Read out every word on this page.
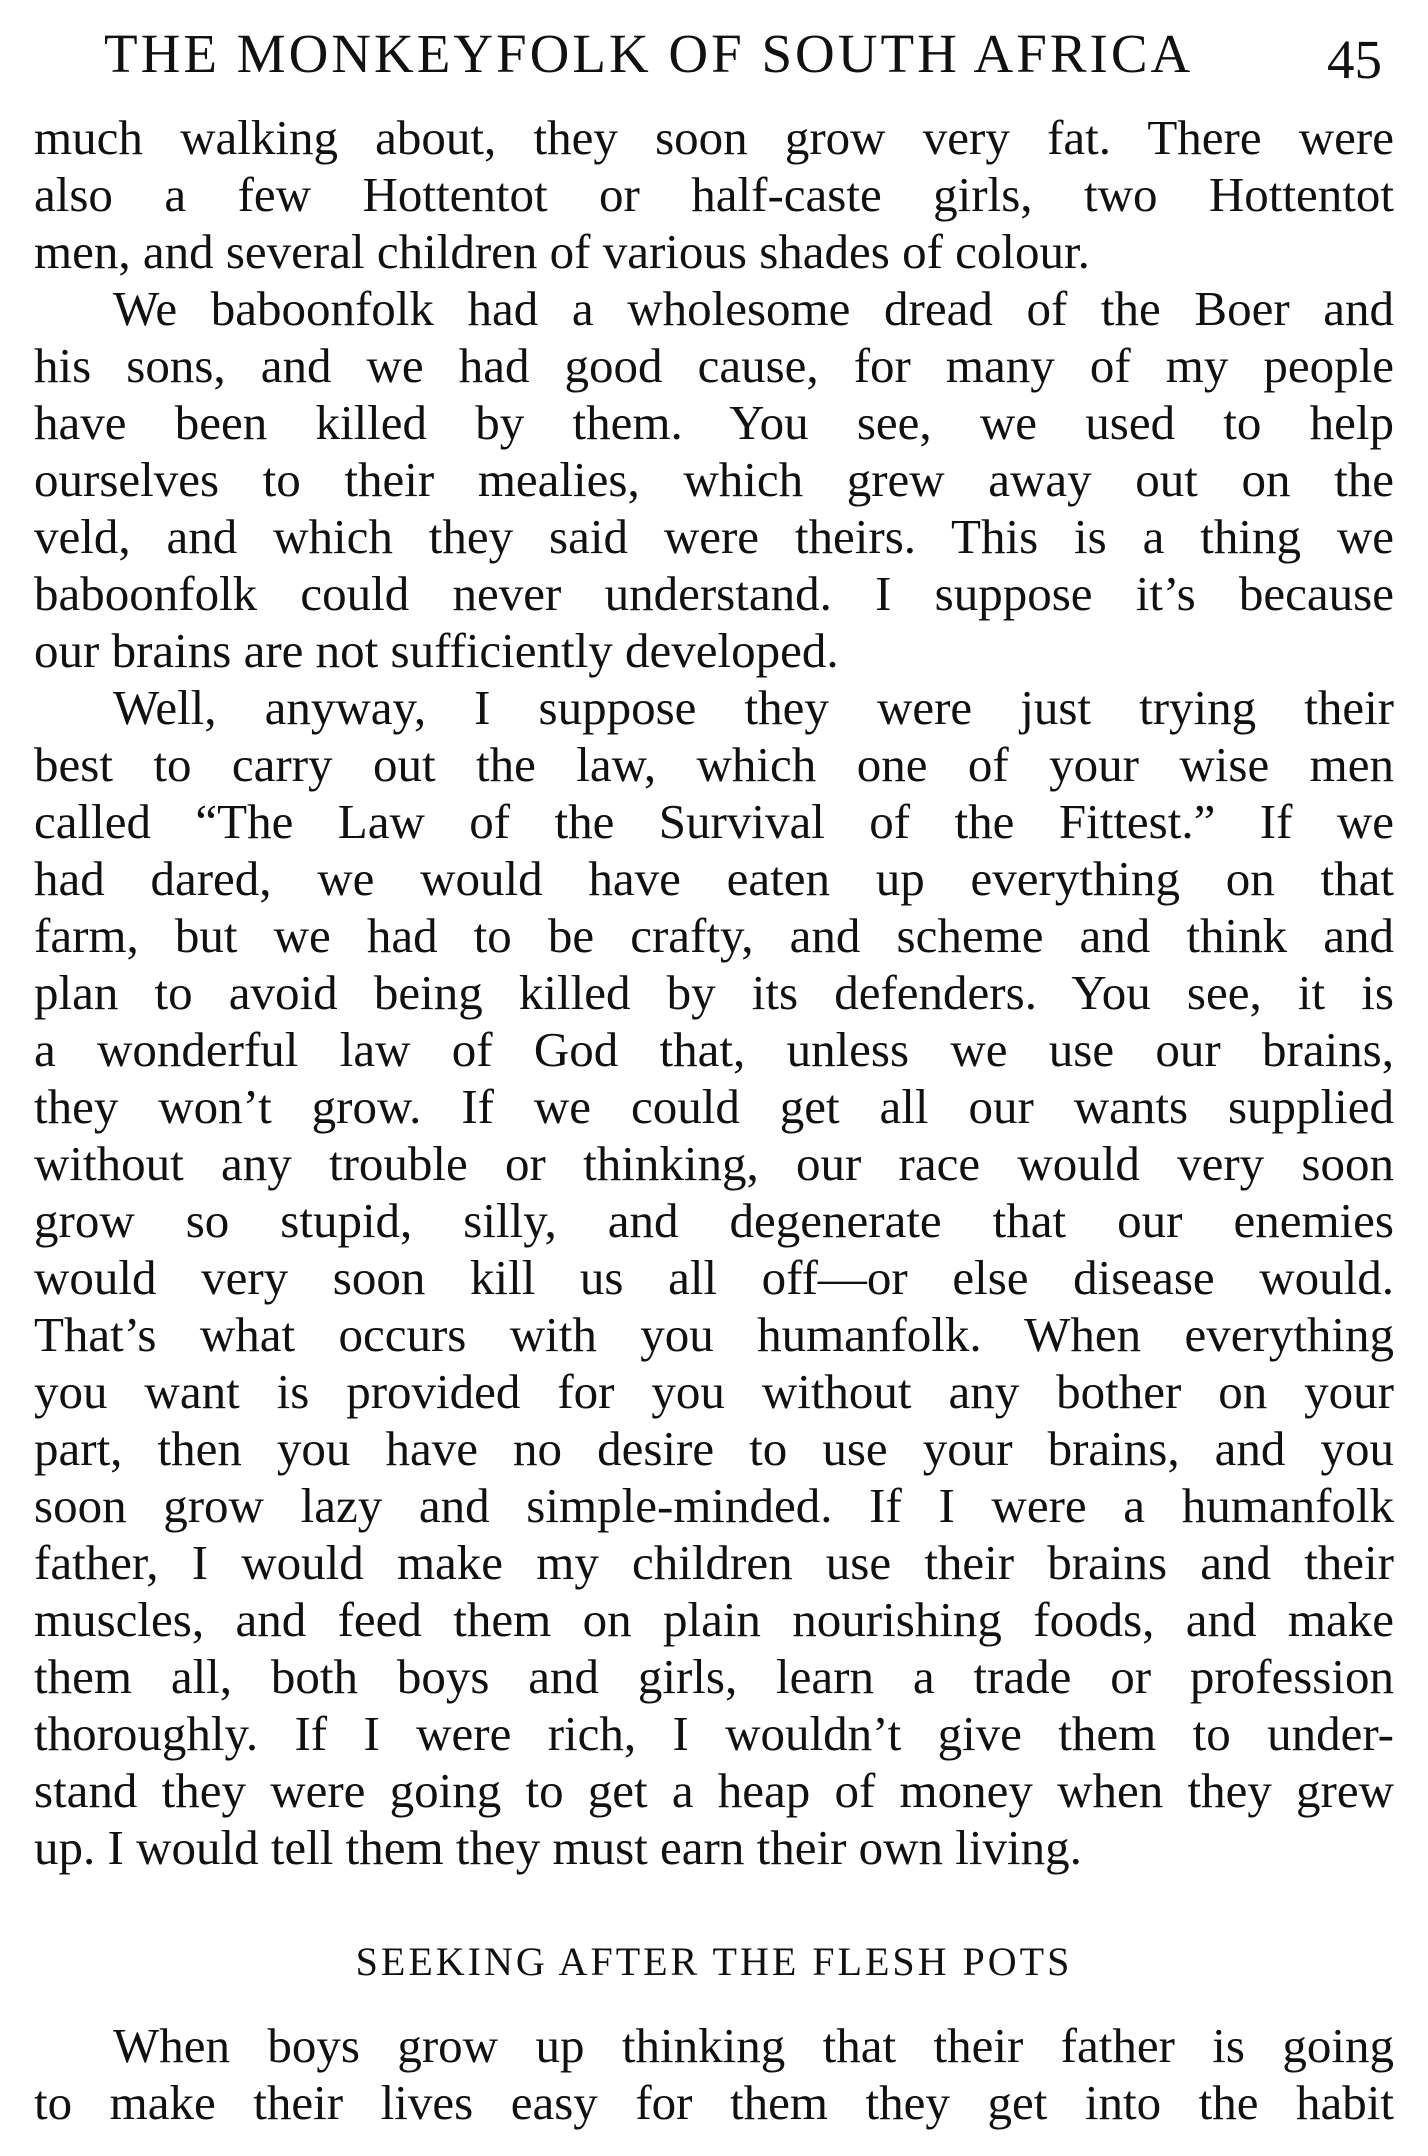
THE MONKEYFOLK OF SOUTH AFRICA 45
much walking about, they soon grow very fat. There were
also a few Hottentot or half-caste girls, two Hottentot
men, and several children of various shades of colour.
We baboonfolk had a wholesome dread of the Boer and
his sons, and we had good cause, for many of my people
have been killed by them. You see, we used to help
ourselves to their mealies, which grew away out on the
veld, and which they said were theirs. This is a thing we
baboonfolk could never understand. I suppose it’s because
our brains are not sufficiently developed.
Well, anyway, I suppose they were just trying their
best to carry out the law, which one of your wise men
called “The Law of the Survival of the Fittest.” If we
had dared, we would have eaten up everything on that
farm, but we had to be crafty, and scheme and think and
plan to avoid being killed by its defenders. You see, it is
a wonderful law of God that, unless we use our brains,
they won’t grow. If we could get all our wants supplied
without any trouble or thinking, our race would very soon
grow so stupid, silly, and degenerate that our enemies
would very soon kill us all off—or else disease would.
That’s what occurs with you humanfolk. When everything
you want is provided for you without any bother on your
part, then you have no desire to use your brains, and you
soon grow lazy and simple-minded. If I were a humanfolk
father, I would make my children use their brains and their
muscles, and feed them on plain nourishing foods, and make
them all, both boys and girls, learn a trade or profession
thoroughly. If I were rich, I wouldn’t give them to under-
stand they were going to get a heap of money when they grew
up. I would tell them they must earn their own living.
SEEKING AFTER THE FLESH POTS
When boys grow up thinking that their father is going
to make their lives easy for them they get into the habit
